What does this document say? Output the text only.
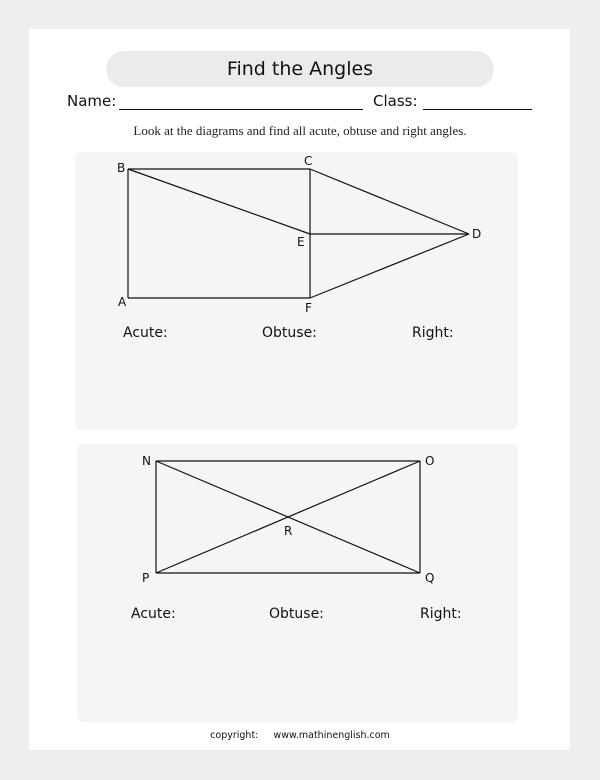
Find the Angles
Name:	Class:
Look at the diagrams and find all acute, obtuse and right angles.
B	C
D
E
A	F
N	O
R
P	Q
Acute:	Obtuse:	Right:
Acute:	Obtuse:	Right:
copyright: www.mathinenglish.com
